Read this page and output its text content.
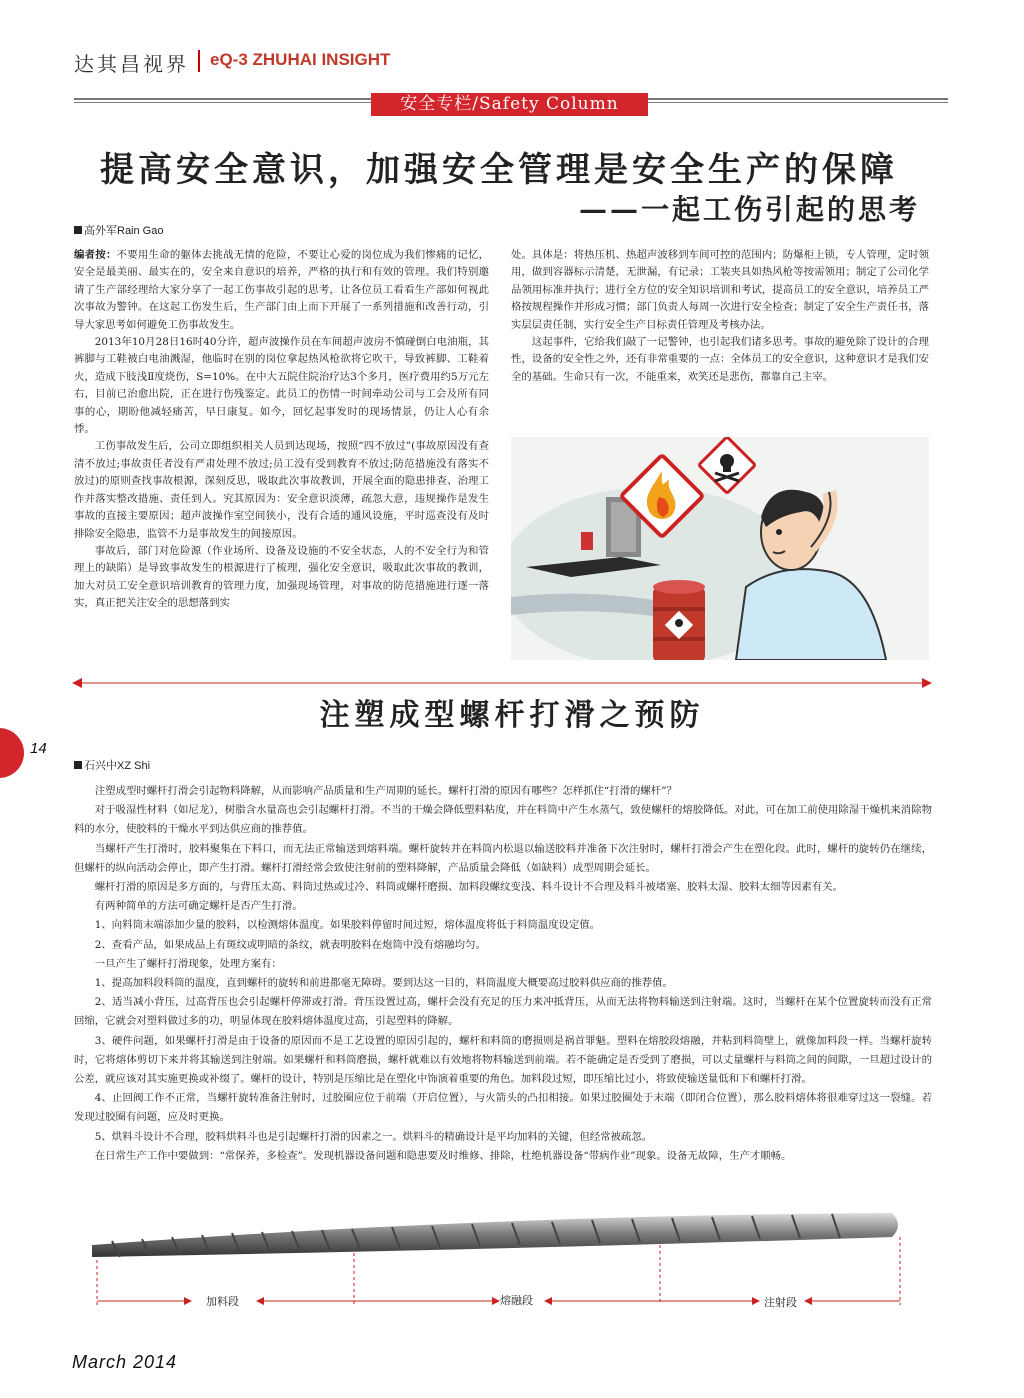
达其昌视界 eQ-3 ZHUHAI INSIGHT
安全专栏/Safety Column
提高安全意识，加强安全管理是安全生产的保障
——一起工伤引起的思考
高外军Rain Gao

编者按：不要用生命的躯体去挑战无情的危险，不要让心爱的岗位成为我们惨痛的记忆，安全是最美丽、最实在的，安全来自意识的培养，严格的执行和有效的管理。我们特别邀请了生产部经理给大家分享了一起工伤事故引起的思考，让各位员工看看生产部如何视此次事故为警钟。在这起工伤发生后，生产部门由上而下开展了一系列措施和改善行动，引导大家思考如何避免工伤事故发生。

2013年10月28日16时40分许，超声波操作员在车间超声波房不慎碰倒白电油瓶，其裤脚与工鞋被白电油溅湿，他临时在别的岗位拿起热风枪欲将它吹干，导致裤脚、工鞋着火，造成下肢浅Ⅱ度烧伤，S=10%。在中大五院住院治疗达3个多月，医疗费用约5万元左右，目前已治愈出院，正在进行伤残鉴定。此员工的伤情一时间牵动公司与工会及所有同事的心，期盼他减轻痛苦，早日康复。如今，回忆起事发时的现场情景，仍让人心有余悸。

工伤事故发生后，公司立即组织相关人员到达现场，按照“四不放过”(事故原因没有查清不放过;事故责任者没有严肃处理不放过;员工没有受到教育不放过;防范措施没有落实不放过)的原则查找事故根源，深刻反思，吸取此次事故教训，开展全面的隐患排查、治理工作并落实整改措施、责任到人。究其原因为：安全意识淡薄，疏忽大意，违规操作是发生事故的直接主要原因；超声波操作室空间狭小，没有合适的通风设施，平时巡查没有及时排除安全隐患，监管不力是事故发生的间接原因。

事故后，部门对危险源（作业场所、设备及设施的不安全状态，人的不安全行为和管理上的缺陷）是导致事故发生的根源进行了梳理，强化安全意识，吸取此次事故的教训，加大对员工安全意识培训教育的管理力度，加强现场管理，对事故的防范措施进行逐一落实，真正把关注安全的思想落到实

处。具体是：将热压机、热超声波移到车间可控的范围内；防爆柜上锁，专人管理，定时领用，做到容器标示清楚，无泄漏，有记录；工装夹具如热风枪等按需领用；制定了公司化学品领用标准并执行；进行全方位的安全知识培训和考试，提高员工的安全意识，培养员工严格按规程操作并形成习惯；部门负责人每周一次进行安全检查；制定了安全生产责任书，落实层层责任制，实行安全生产目标责任管理及考核办法。

这起事件，它给我们敲了一记警钟，也引起我们诸多思考。事故的避免除了设计的合理性，设备的安全性之外，还有非常重要的一点：全体员工的安全意识，这种意识才是我们安全的基础。生命只有一次，不能重来，欢笑还是悲伤，都靠自己主宰。

注塑成型螺杆打滑之预防
14
石兴中XZ Shi

注塑成型时螺杆打滑会引起物料降解，从而影响产品质量和生产周期的延长。螺杆打滑的原因有哪些？怎样抓住“打滑的螺杆”？

对于吸湿性材料（如尼龙），树脂含水量高也会引起螺杆打滑。不当的干燥会降低塑料粘度，并在料筒中产生水蒸气，致使螺杆的熔胶降低。对此，可在加工前使用除湿干燥机来消除物料的水分，使胶料的干燥水平到达供应商的推荐值。

当螺杆产生打滑时，胶料聚集在下料口，而无法正常输送到熔料端。螺杆旋转并在料筒内松退以输送胶料并准备下次注射时，螺杆打滑会产生在塑化段。此时，螺杆的旋转仍在继续，但螺杆的纵向活动会停止，即产生打滑。螺杆打滑经常会致使注射前的塑料降解，产品质量会降低（如缺料）成型周期会延长。

螺杆打滑的原因是多方面的，与背压太高、料筒过热或过冷、料筒或螺杆磨损、加料段螺纹变浅、料斗设计不合理及料斗被堵塞、胶料太湿、胶料太细等因素有关。

有两种简单的方法可确定螺杆是否产生打滑。

1、向料筒末端添加少量的胶料，以检测熔体温度。如果胶料停留时间过短，熔体温度将低于料筒温度设定值。

2、查看产品，如果成品上有斑纹或明暗的条纹，就表明胶料在炮筒中没有熔融均匀。

一旦产生了螺杆打滑现象，处理方案有：

1、提高加料段料筒的温度，直到螺杆的旋转和前进都毫无障碍。要到达这一目的，料筒温度大概要高过胶料供应商的推荐值。

2、适当减小背压，过高背压也会引起螺杆停滞或打滑。背压设置过高，螺杆会没有充足的压力来冲抵背压，从而无法将物料输送到注射端。这时，当螺杆在某个位置旋转而没有正常回缩，它就会对塑料做过多的功，明显体现在胶料熔体温度过高，引起塑料的降解。

3、硬件问题，如果螺杆打滑是由于设备的原因而不是工艺设置的原因引起的，螺杆和料筒的磨损则是祸首罪魁。塑料在熔胶段熔融，并粘到料筒壁上，就像加料段一样。当螺杆旋转时，它将熔体剪切下来并将其输送到注射端。如果螺杆和料筒磨损，螺杆就难以有效地将物料输送到前端。若不能确定是否受到了磨损，可以丈量螺杆与料筒之间的间隙，一旦超过设计的公差，就应该对其实施更换或补缀了。螺杆的设计，特别是压缩比是在塑化中饰演着重要的角色。加料段过短，即压缩比过小，将致使输送量低和下和螺杆打滑。

4、止回阀工作不正常，当螺杆旋转准备注射时，过胶圈应位于前端（开启位置），与火箭头的凸扣相接。如果过胶圈处于末端（即闭合位置），那么胶料熔体将很难穿过这一裂缝。若发现过胶圈有问题，应及时更换。

5、烘料斗设计不合理，胶料烘料斗也是引起螺杆打滑的因素之一。烘料斗的精确设计是平均加料的关键，但经常被疏忽。

在日常生产工作中要做到：“常保养，多检查”。发现机器设备问题和隐患要及时维修、排除，杜绝机器设备“带病作业”现象。设备无故障，生产才顺畅。

加料段	熔融段	注射段
March 2014
